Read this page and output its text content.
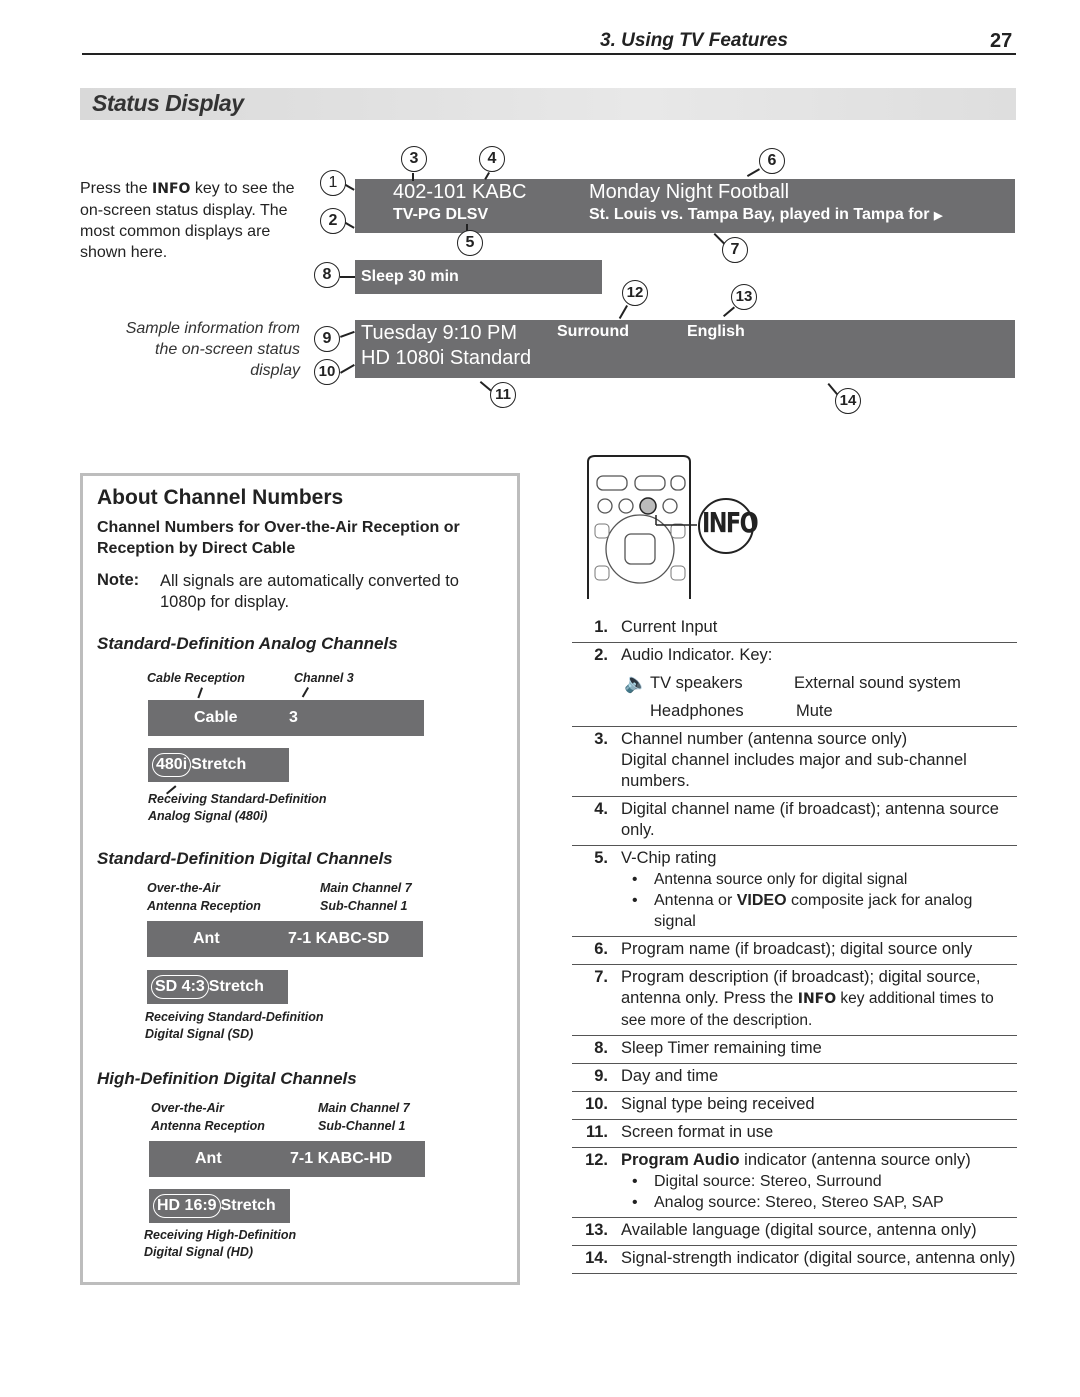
3. Using TV Features	27
Status Display
Press the INFO key to see the on-screen status display. The most common displays are shown here.
Sample information from the on-screen status display
402-101 KABC
TV-PG DLSV
Monday Night Football
St. Louis vs. Tampa Bay, played in Tampa for ▶
Sleep 30 min
Tuesday 9:10 PM Surround	English
HD 1080i Standard
1
2
3	4
5
6
7
8
9
10
11
12	13
14
About Channel Numbers
Channel Numbers for Over-the-Air Reception or Reception by Direct Cable
Note: All signals are automatically converted to 1080p for display.
Standard-Definition Analog Channels
Cable Reception	Channel 3
Cable	3
480i Stretch
Receiving Standard-Definition
Analog Signal (480i)
Standard-Definition Digital Channels
Over-the-Air
Antenna Reception
Main Channel 7
Sub-Channel 1
Ant	7-1 KABC-SD
SD 4:3 Stretch
Receiving Standard-Definition
Digital Signal (SD)
High-Definition Digital Channels
Over-the-Air
Antenna Reception
Main Channel 7
Sub-Channel 1
Ant	7-1 KABC-HD
HD 16:9 Stretch
Receiving High-Definition
Digital Signal (HD)
INFO
1. Current Input
2. Audio Indicator. Key:
🔈 TV speakers	External sound system
Headphones	Mute
3. Channel number (antenna source only)
Digital channel includes major and sub-channel numbers.
4. Digital channel name (if broadcast); antenna source only.
5. V-Chip rating
•	Antenna source only for digital signal
•	Antenna or VIDEO composite jack for analog signal
6. Program name (if broadcast); digital source only
7. Program description (if broadcast); digital source, antenna only. Press the INFO key additional times to see more of the description.
8. Sleep Timer remaining time
9. Day and time
10. Signal type being received
11. Screen format in use
12. Program Audio indicator (antenna source only)
•	Digital source: Stereo, Surround
•	Analog source: Stereo, Stereo SAP, SAP
13. Available language (digital source, antenna only)
14. Signal-strength indicator (digital source, antenna only)
